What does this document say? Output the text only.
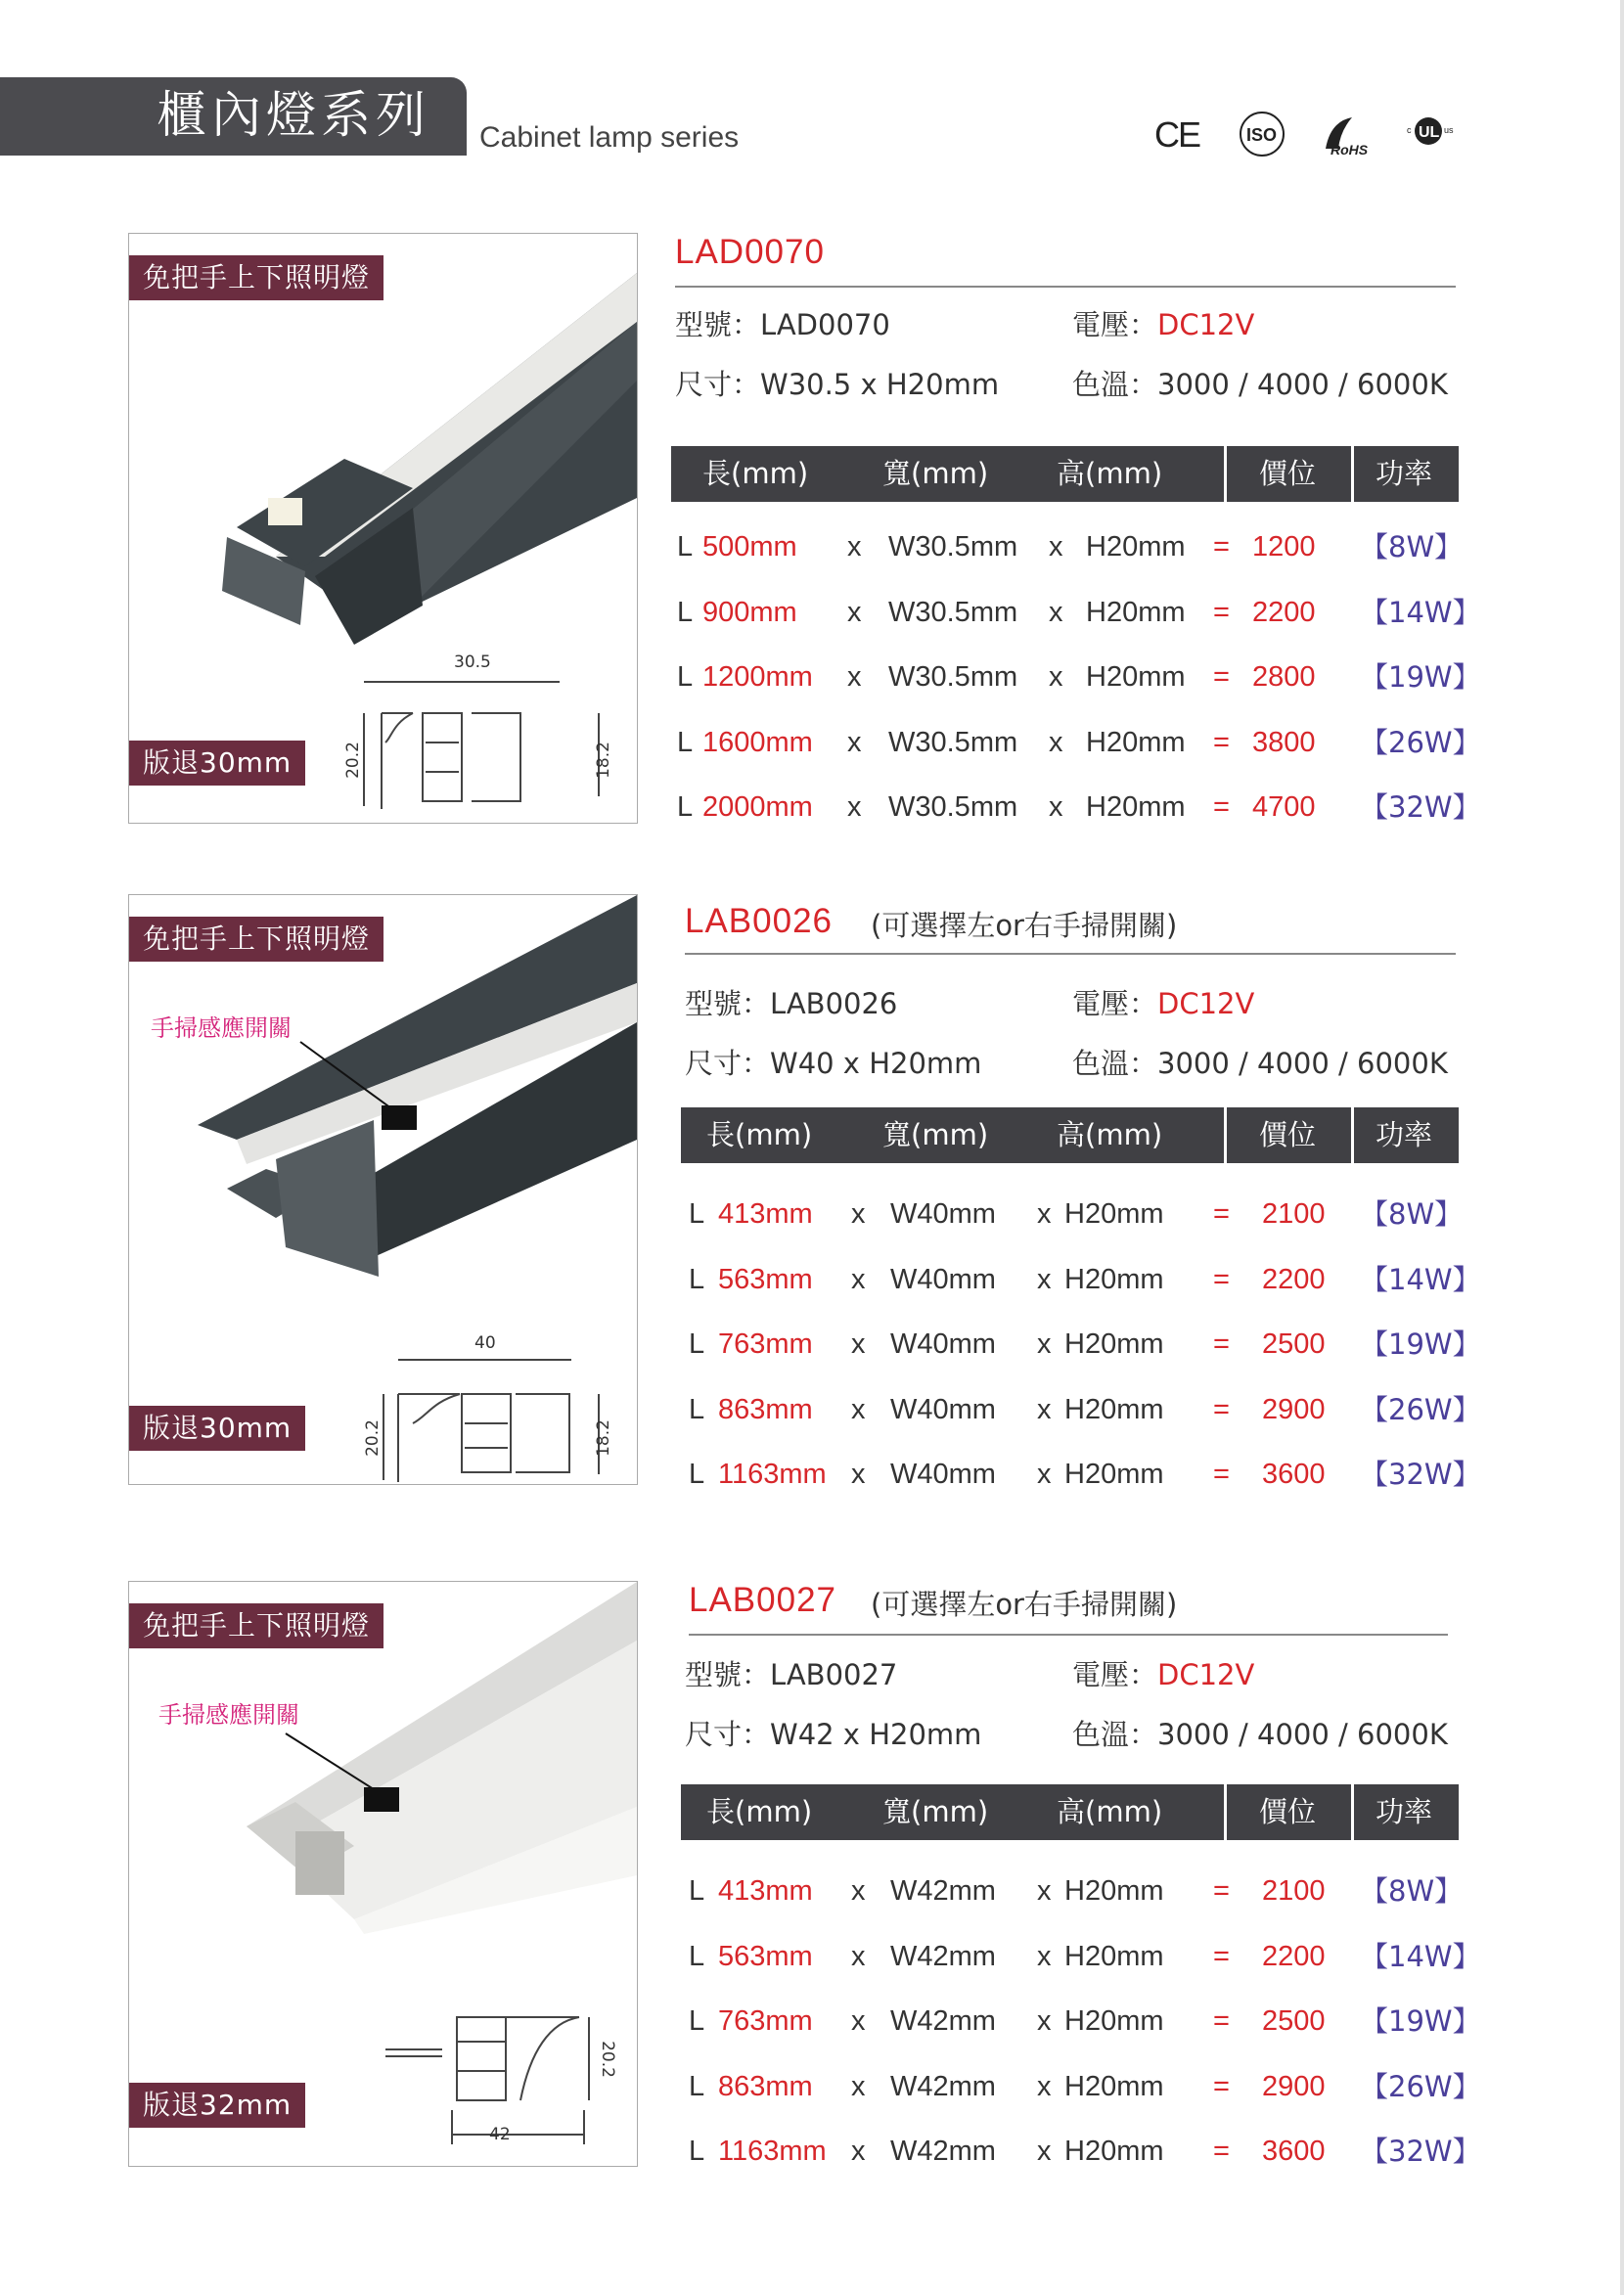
櫃內燈系列 Cabinet lamp series	C
E	ISO
RoHS
UL
c	us
免把手上下照明燈
版退30mm
30.5
20.2	18.2
LAD0070
型號：LAD0070	電壓：DC12V
尺寸：W30.5 x H20mm	色溫：3000 / 4000 / 6000K
長(mm)	寬(mm) 高(mm)	價位 功率
L 500mm x W30.5mm x H20mm = 1200 【8W】
L 900mm x W30.5mm x H20mm = 2200 【14W】
L 1200mm x W30.5mm x H20mm = 2800 【19W】
L 1600mm x W30.5mm x H20mm = 3800 【26W】
L 2000mm x W30.5mm x H20mm = 4700 【32W】
免把手上下照明燈
手掃感應開關
版退30mm
40
20.2	18.2
LAB0026 (可選擇左or右手掃開關)
型號：LAB0026	電壓：DC12V
尺寸：W40 x H20mm	色溫：3000 / 4000 / 6000K
長(mm) 寬(mm) 高(mm)	價位 功率
L 413mm x W40mm x H20mm = 2100 【8W】
L 563mm x W40mm x H20mm = 2200 【14W】
L 763mm x W40mm x H20mm = 2500 【19W】
L 863mm x W40mm x H20mm = 2900 【26W】
L 1163mm x W40mm x H20mm = 3600 【32W】
免把手上下照明燈
手掃感應開關
版退32mm
42
20.2
LAB0027 (可選擇左or右手掃開關)
型號：LAB0027	電壓：DC12V
尺寸：W42 x H20mm	色溫：3000 / 4000 / 6000K
長(mm) 寬(mm) 高(mm)	價位 功率
L 413mm x W42mm x H20mm = 2100 【8W】
L 563mm x W42mm x H20mm = 2200 【14W】
L 763mm x W42mm x H20mm = 2500 【19W】
L 863mm x W42mm x H20mm = 2900 【26W】
L 1163mm x W42mm x H20mm = 3600 【32W】
